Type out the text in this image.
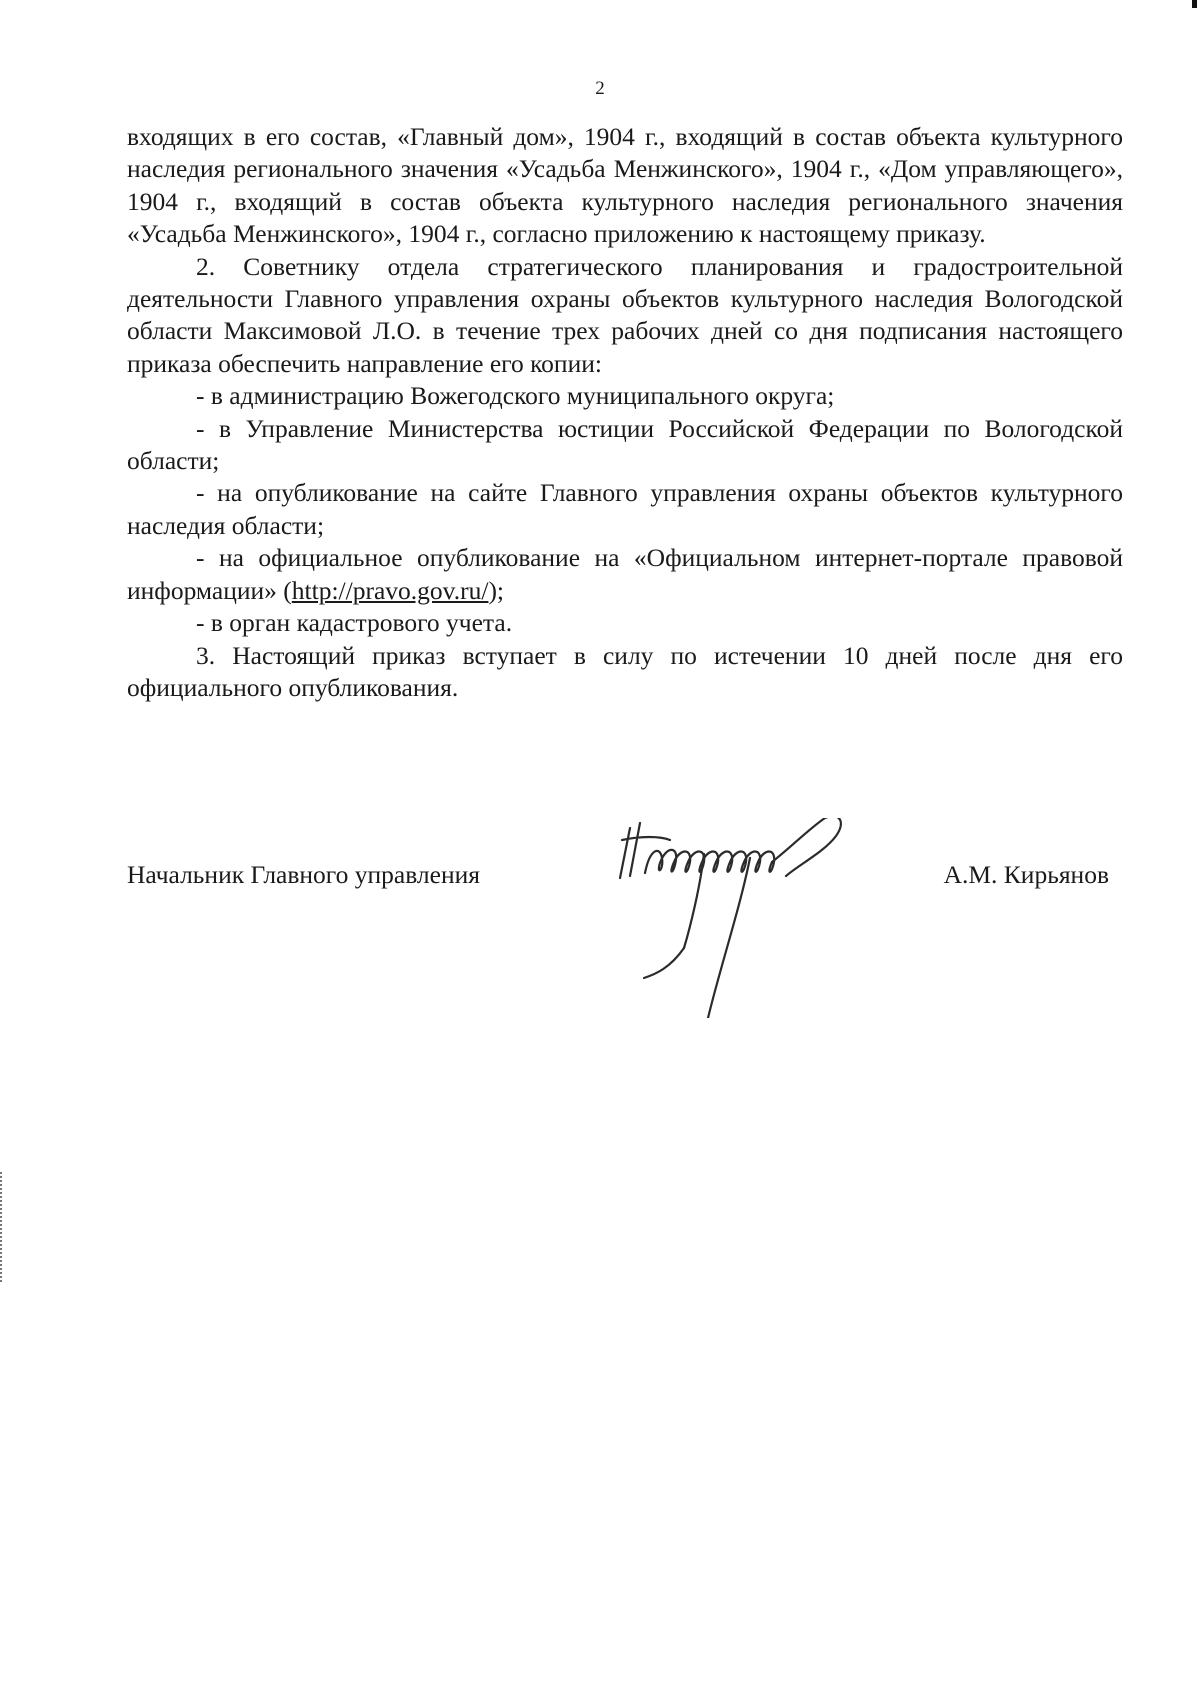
2

входящих в его состав, «Главный дом», 1904 г., входящий в состав объекта культурного наследия регионального значения «Усадьба Менжинского», 1904 г., «Дом управляющего», 1904 г., входящий в состав объекта культурного наследия регионального значения «Усадьба Менжинского», 1904 г., согласно приложению к настоящему приказу.

2. Советнику отдела стратегического планирования и градостроительной деятельности Главного управления охраны объектов культурного наследия Вологодской области Максимовой Л.О. в течение трех рабочих дней со дня подписания настоящего приказа обеспечить направление его копии:

- в администрацию Вожегодского муниципального округа;

- в Управление Министерства юстиции Российской Федерации по Вологодской области;

- на опубликование на сайте Главного управления охраны объектов культурного наследия области;

- на официальное опубликование на «Официальном интернет-портале правовой информации» (http://pravo.gov.ru/);

- в орган кадастрового учета.

3. Настоящий приказ вступает в силу по истечении 10 дней после дня его официального опубликования.

Начальник Главного управления	А.М. Кирьянов
